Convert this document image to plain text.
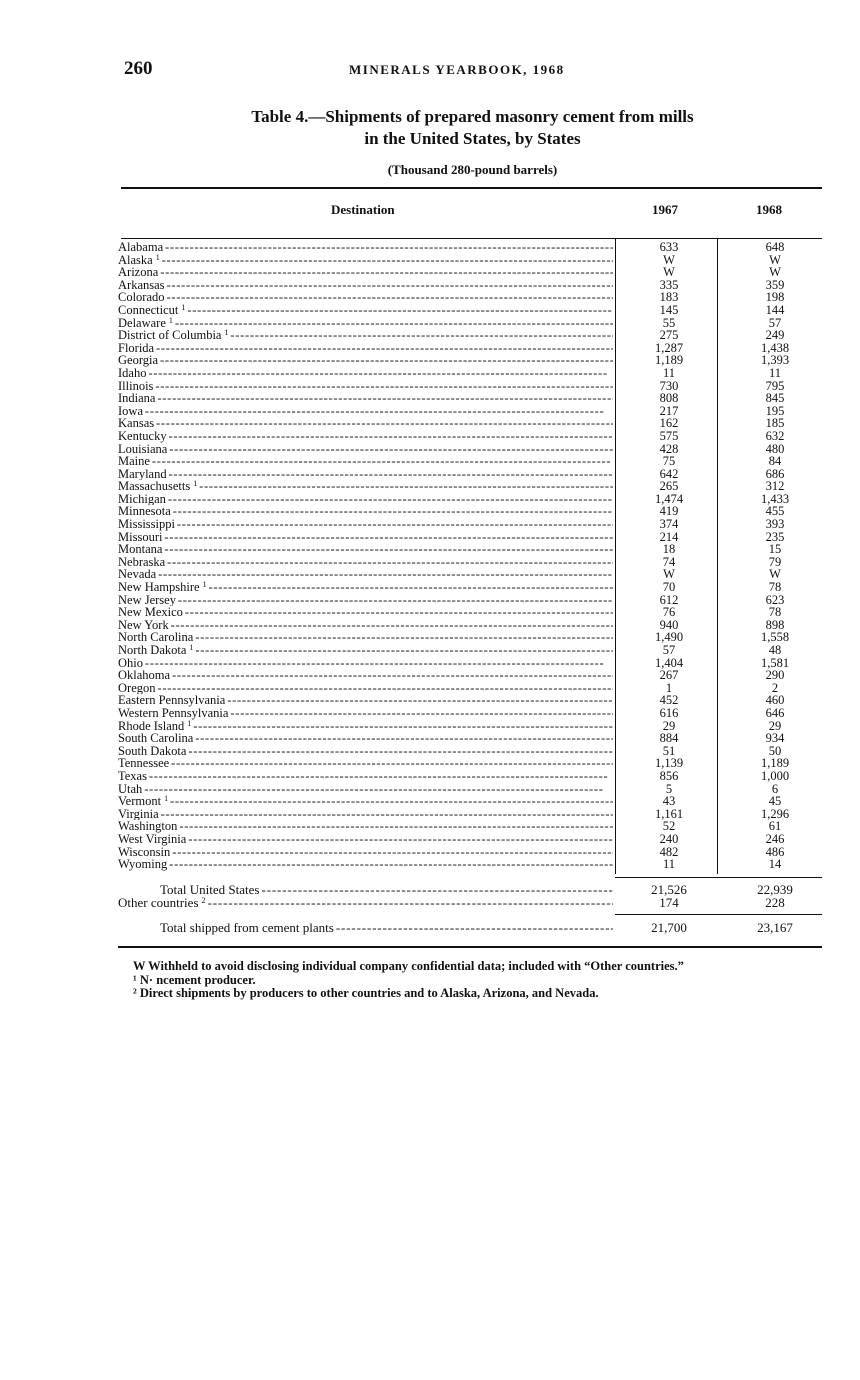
260	MINERALS YEARBOOK, 1968
Table 4.—Shipments of prepared masonry cement from mills
in the United States, by States
(Thousand 280-pound barrels)
Destination	1967	1968
Alabama - - -	633	648
Alaska $^1$ - - -	W	W
Arizona - - -	W	W
Arkansas - - -	335	359
Colorado - - -	183	198
Connecticut $^1$ - - -	145	144
Delaware $^1$ - - -	55	57
District of Columbia $^1$ - - -	275	249
Florida - - -	1,287	1,438
Georgia - - -	1,189	1,393
Idaho - - -	11	11
Illinois - - -	730	795
Indiana - - -	808	845
Iowa - - -	217	195
Kansas - - -	162	185
Kentucky - - -	575	632
Louisiana - - -	428	480
Maine - - -	75	84
Maryland - - -	642	686
Massachusetts $^1$ - - -	265	312
Michigan - - -	1,474	1,433
Minnesota - - -	419	455
Mississippi - - -	374	393
Missouri - - -	214	235
Montana - - -	18	15
Nebraska - - -	74	79
Nevada - - -	W	W
New Hampshire $^1$ - - -	70	78
New Jersey - - -	612	623
New Mexico - - -	76	78
New York - - -	940	898
North Carolina - - -	1,490	1,558
North Dakota $^1$ - - -	57	48
Ohio - - -	1,404	1,581
Oklahoma - - -	267	290
Oregon - - -	1	2
Eastern Pennsylvania - - -	452	460
Western Pennsylvania - - -	616	646
Rhode Island $^1$ - - -	29	29
South Carolina - - -	884	934
South Dakota - - -	51	50
Tennessee - - -	1,139	1,189
Texas - - -	856	1,000
Utah - - -	5	6
Vermont $^1$ - - -	43	45
Virginia - - -	1,161	1,296
Washington - - -	52	61
West Virginia - - -	240	246
Wisconsin - - -	482	486
Wyoming - - -	11	14
Total United States - - -	21,526	22,939
Other countries $^2$ - - -	174	228
Total shipped from cement plants - - -	21,700	23,167
W Withheld to avoid disclosing individual company confidential data; included with “Other countries.”
¹ N· ncement producer.
² Direct shipments by producers to other countries and to Alaska, Arizona, and Nevada.
